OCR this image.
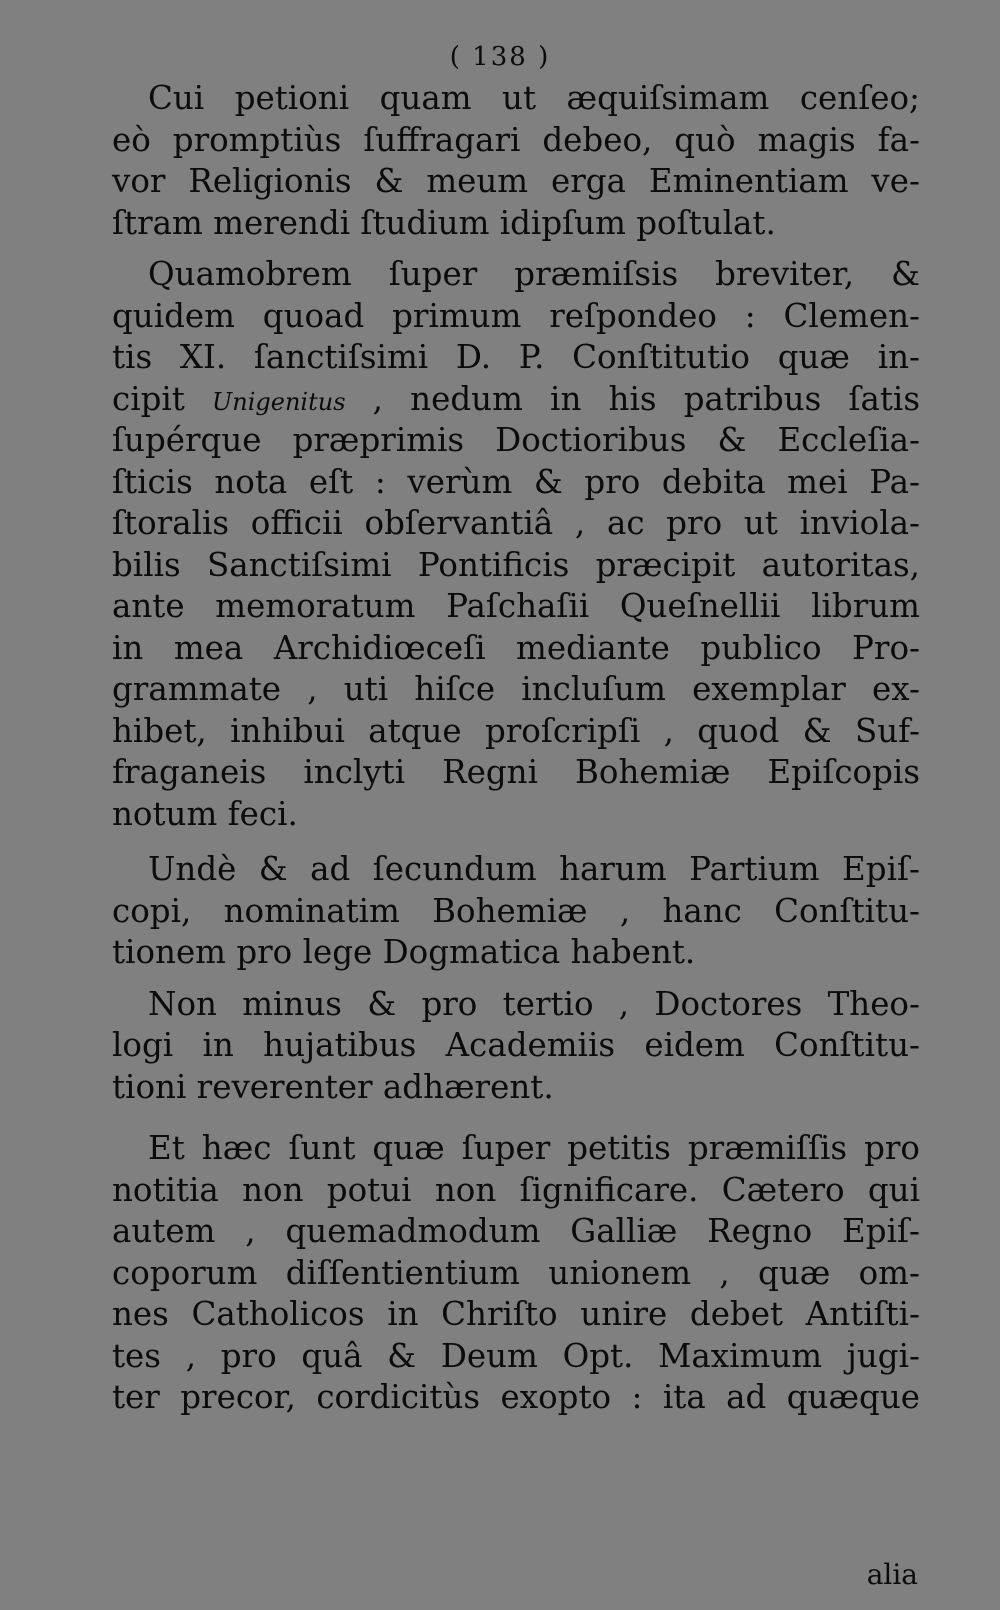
( 138 )
Cui petioni quam ut æquiſsimam cenſeo;
eò promptiùs ſuffragari debeo, quò magis fa-
vor Religionis & meum erga Eminentiam ve-
ſtram merendi ſtudium idipſum poſtulat.
Quamobrem ſuper præmiſsis breviter, &
quidem quoad primum reſpondeo : Clemen-
tis XI. ſanctiſsimi D. P. Conſtitutio quæ in-
cipit Unigenitus , nedum in his patribus ſatis
ſupérque præprimis Doctioribus & Eccleſia-
ſticis nota eſt : verùm & pro debita mei Pa-
ſtoralis officii obſervantiâ , ac pro ut inviola-
bilis Sanctiſsimi Pontificis præcipit autoritas,
ante memoratum Paſchaſii Queſnellii librum
in mea Archidiœceſi mediante publico Pro-
grammate , uti hiſce incluſum exemplar ex-
hibet, inhibui atque proſcripſi , quod & Suf-
fraganeis inclyti Regni Bohemiæ Epiſcopis
notum feci.
Undè & ad ſecundum harum Partium Epiſ-
copi, nominatim Bohemiæ , hanc Conſtitu-
tionem pro lege Dogmatica habent.
Non minus & pro tertio , Doctores Theo-
logi in hujatibus Academiis eidem Conſtitu-
tioni reverenter adhærent.
Et hæc ſunt quæ ſuper petitis præmiſſis pro
notitia non potui non ſignificare. Cætero qui
autem , quemadmodum Galliæ Regno Epiſ-
coporum diſſentientium unionem , quæ om-
nes Catholicos in Chriſto unire debet Antiſti-
tes , pro quâ & Deum Opt. Maximum jugi-
ter precor, cordicitùs exopto : ita ad quæque
alia
